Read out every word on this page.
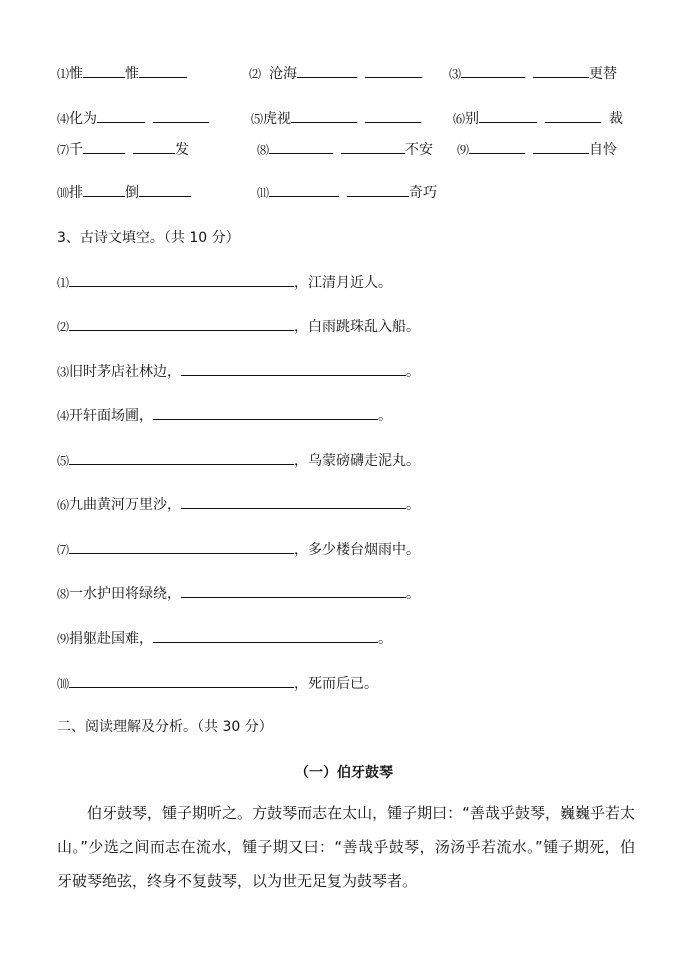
⑴惟	惟	⑵ 沧海	⑶	更替
⑷化为	⑸虎视	⑹别	裁
⑺千	发	⑻	不安 ⑼	自怜
⑽排	倒	⑾	奇巧
3、古诗文填空。（共 10 分）
⑴	，江清月近人。
⑵	，白雨跳珠乱入船。
⑶旧时茅店社林边，	。
⑷开轩面场圃，	。
⑸	，乌蒙磅礴走泥丸。
⑹九曲黄河万里沙，	。
⑺	，多少楼台烟雨中。
⑻一水护田将绿绕，	。
⑼捐躯赴国难，	。
⑽	，死而后已。
二、阅读理解及分析。（共 30 分）
（一）伯牙鼓琴
伯牙鼓琴，锺子期听之。方鼓琴而志在太山，锺子期曰：“善哉乎鼓琴，巍巍乎若太山。”少选之间而志在流水，锺子期又曰：“善哉乎鼓琴，汤汤乎若流水。”锺子期死，伯牙破琴绝弦，终身不复鼓琴，以为世无足复为鼓琴者。
